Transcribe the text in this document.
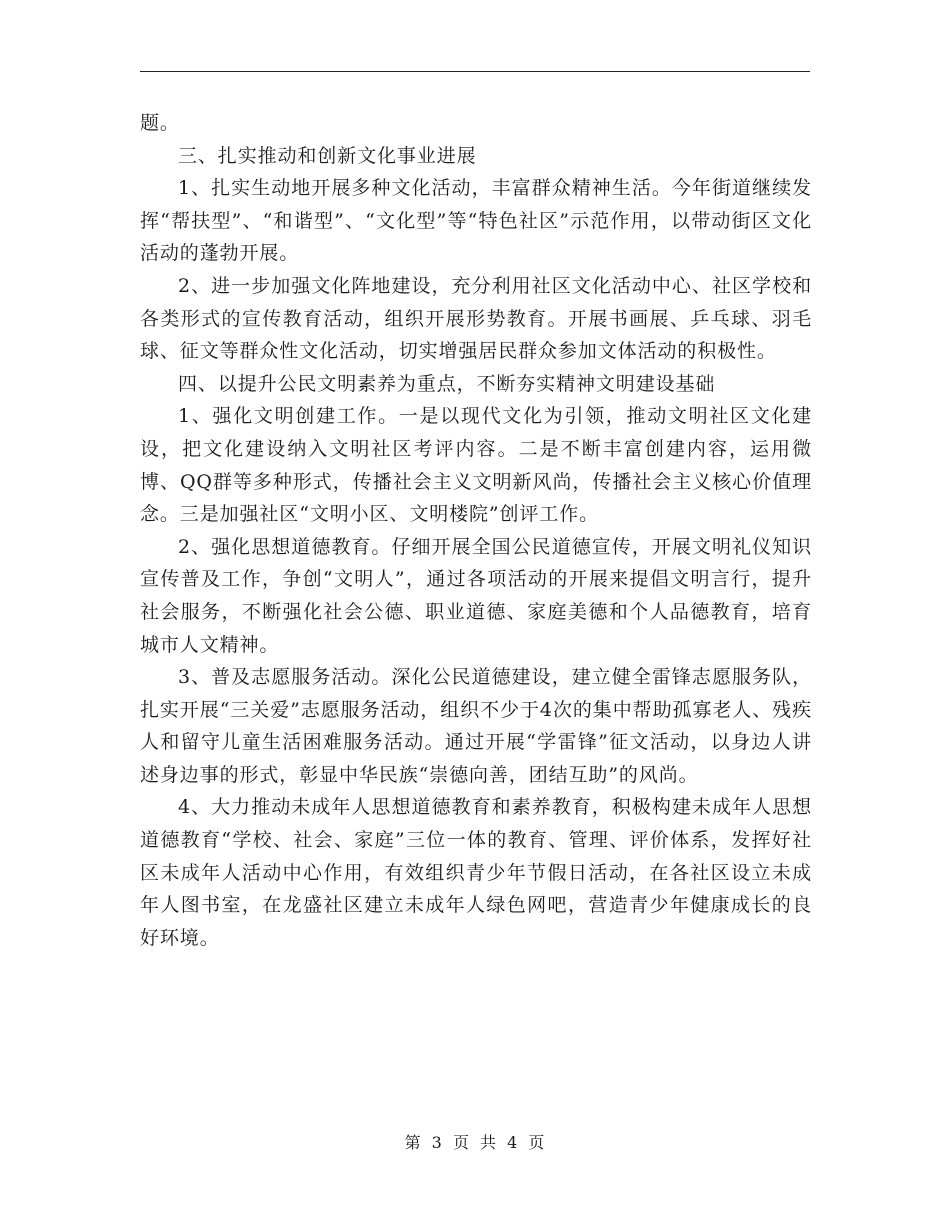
题。

三、扎实推动和创新文化事业进展

1、扎实生动地开展多种文化活动，丰富群众精神生活。今年街道继续发挥“帮扶型”、“和谐型”、“文化型”等“特色社区”示范作用，以带动街区文化活动的蓬勃开展。

2、进一步加强文化阵地建设，充分利用社区文化活动中心、社区学校和各类形式的宣传教育活动，组织开展形势教育。开展书画展、乒乓球、羽毛球、征文等群众性文化活动，切实增强居民群众参加文体活动的积极性。

四、以提升公民文明素养为重点，不断夯实精神文明建设基础

1、强化文明创建工作。一是以现代文化为引领，推动文明社区文化建设，把文化建设纳入文明社区考评内容。二是不断丰富创建内容，运用微博、QQ群等多种形式，传播社会主义文明新风尚，传播社会主义核心价值理念。三是加强社区“文明小区、文明楼院”创评工作。

2、强化思想道德教育。仔细开展全国公民道德宣传，开展文明礼仪知识宣传普及工作，争创“文明人”，通过各项活动的开展来提倡文明言行，提升社会服务，不断强化社会公德、职业道德、家庭美德和个人品德教育，培育城市人文精神。

3、普及志愿服务活动。深化公民道德建设，建立健全雷锋志愿服务队，扎实开展“三关爱”志愿服务活动，组织不少于4次的集中帮助孤寡老人、残疾人和留守儿童生活困难服务活动。通过开展“学雷锋”征文活动，以身边人讲述身边事的形式，彰显中华民族“崇德向善，团结互助”的风尚。

4、大力推动未成年人思想道德教育和素养教育，积极构建未成年人思想道德教育“学校、社会、家庭”三位一体的教育、管理、评价体系，发挥好社区未成年人活动中心作用，有效组织青少年节假日活动，在各社区设立未成年人图书室，在龙盛社区建立未成年人绿色网吧，营造青少年健康成长的良好环境。

第 3 页 共 4 页
